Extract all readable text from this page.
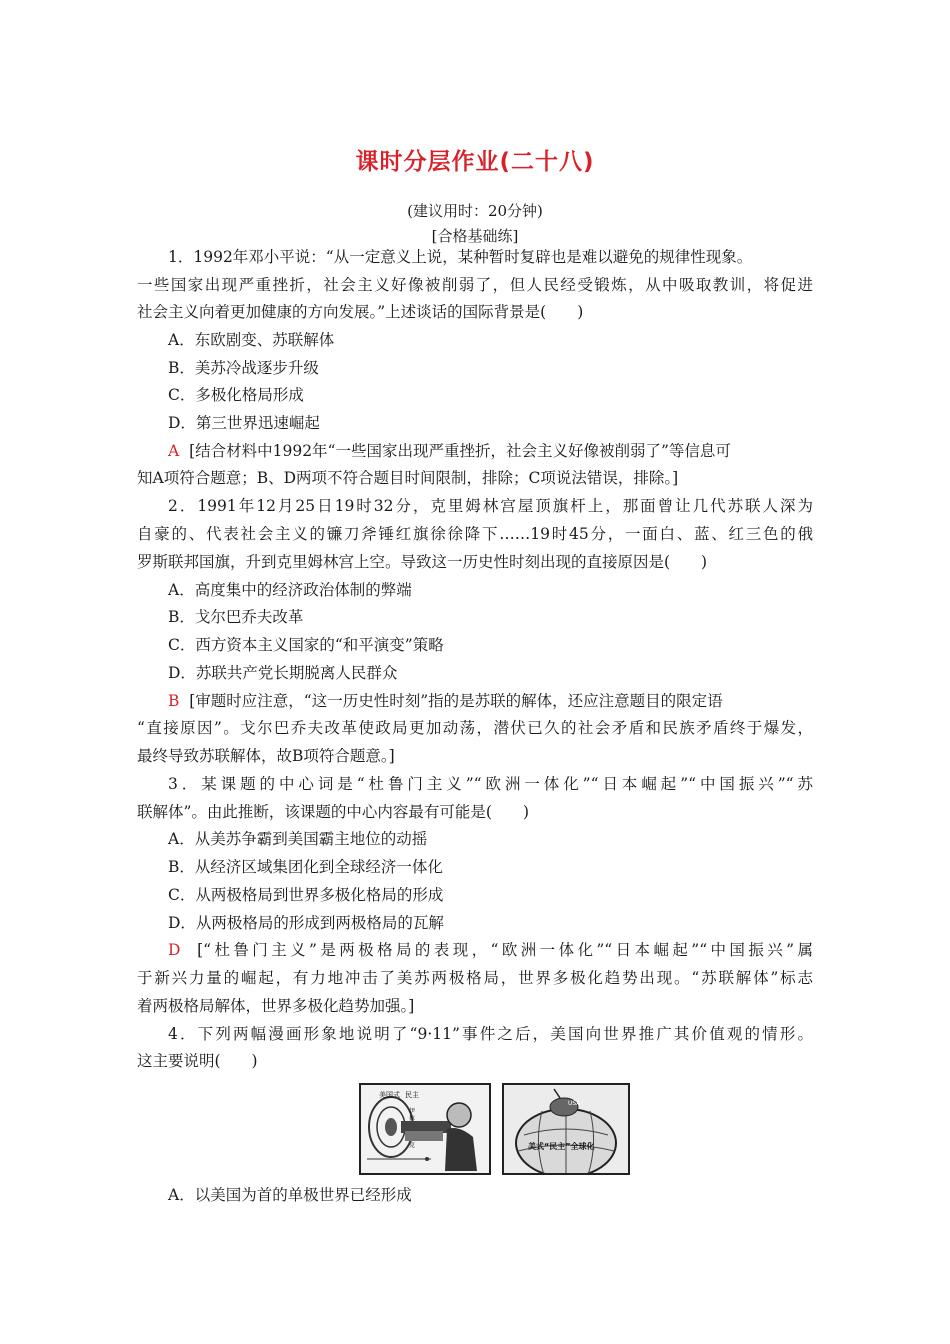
课时分层作业(二十八)
(建议用时：20分钟)
[合格基础练]
1．1992年邓小平说：“从一定意义上说，某种暂时复辟也是难以避免的规律性现象。
一些国家出现严重挫折，社会主义好像被削弱了，但人民经受锻炼，从中吸取教训，将促进
社会主义向着更加健康的方向发展。”上述谈话的国际背景是(　　)
A．东欧剧变、苏联解体
B．美苏冷战逐步升级
C．多极化格局形成
D．第三世界迅速崛起
A [结合材料中1992年“一些国家出现严重挫折，社会主义好像被削弱了”等信息可
知A项符合题意；B、D两项不符合题目时间限制，排除；C项说法错误，排除。]
2．1991年12月25日19时32分，克里姆林宫屋顶旗杆上，那面曾让几代苏联人深为
自豪的、代表社会主义的镰刀斧锤红旗徐徐降下……19时45分，一面白、蓝、红三色的俄
罗斯联邦国旗，升到克里姆林宫上空。导致这一历史性时刻出现的直接原因是(　　)
A．高度集中的经济政治体制的弊端
B．戈尔巴乔夫改革
C．西方资本主义国家的“和平演变”策略
D．苏联共产党长期脱离人民群众
B [审题时应注意，“这一历史性时刻”指的是苏联的解体，还应注意题目的限定语
“直接原因”。戈尔巴乔夫改革使政局更加动荡，潜伏已久的社会矛盾和民族矛盾终于爆发，
最终导致苏联解体，故B项符合题意。]
3．某课题的中心词是“杜鲁门主义”“欧洲一体化”“日本崛起”“中国振兴”“苏
联解体”。由此推断，该课题的中心内容最有可能是(　　)
A．从美苏争霸到美国霸主地位的动摇
B．从经济区域集团化到全球经济一体化
C．从两极格局到世界多极化格局的形成
D．从两极格局的形成到两极格局的瓦解
D [“杜鲁门主义”是两极格局的表现，“欧洲一体化”“日本崛起”“中国振兴”属
于新兴力量的崛起，有力地冲击了美苏两极格局，世界多极化趋势出现。“苏联解体”标志
着两极格局解体，世界多极化趋势加强。]
4．下列两幅漫画形象地说明了“9·11”事件之后，美国向世界推广其价值观的情形。
这主要说明(　　)
美国式 民主
伊
拉
克
USA
美式“民主”全球化
A．以美国为首的单极世界已经形成
